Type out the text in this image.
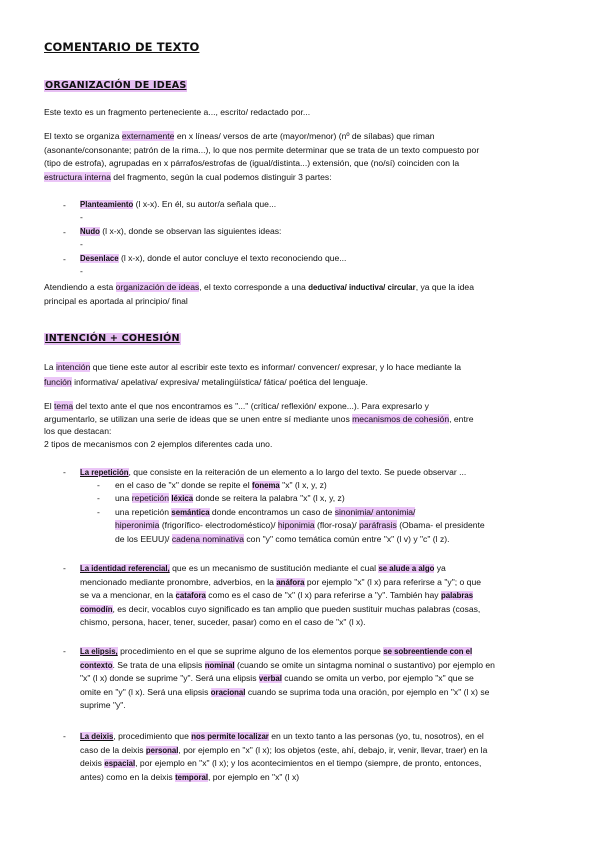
COMENTARIO DE TEXTO
ORGANIZACIÓN DE IDEAS
Este texto es un fragmento perteneciente a..., escrito/ redactado por...
El texto se organiza externamente en x líneas/ versos de arte (mayor/menor) (nº de sílabas) que riman
(asonante/consonante; patrón de la rima...), lo que nos permite determinar que se trata de un texto compuesto por
(tipo de estrofa), agrupadas en x párrafos/estrofas de (igual/distinta...) extensión, que (no/sí) coinciden con la
estructura interna del fragmento, según la cual podemos distinguir 3 partes:
- Planteamiento (l x-x). En él, su autor/a señala que...
-
- Nudo (l x-x), donde se observan las siguientes ideas:
-
- Desenlace (l x-x), donde el autor concluye el texto reconociendo que...
-
Atendiendo a esta organización de ideas, el texto corresponde a una deductiva/ inductiva/ circular, ya que la idea
principal es aportada al principio/ final
INTENCIÓN + COHESIÓN
La intención que tiene este autor al escribir este texto es informar/ convencer/ expresar, y lo hace mediante la
función informativa/ apelativa/ expresiva/ metalingüística/ fática/ poética del lenguaje.
El tema del texto ante el que nos encontramos es "..." (crítica/ reflexión/ expone...). Para expresarlo y
argumentarlo, se utilizan una serie de ideas que se unen entre sí mediante unos mecanismos de cohesión, entre
los que destacan:
2 tipos de mecanismos con 2 ejemplos diferentes cada uno.
- La repetición, que consiste en la reiteración de un elemento a lo largo del texto. Se puede observar ...
- en el caso de "x" donde se repite el fonema "x" (l x, y, z)
- una repetición léxica donde se reitera la palabra "x" (l x, y, z)
- una repetición semántica donde encontramos un caso de sinonimia/ antonimia/
hiperonimia (frigorífico- electrodoméstico)/ hiponimia (flor-rosa)/ paráfrasis (Obama- el presidente
de los EEUU)/ cadena nominativa con "y" como temática común entre "x" (l v) y "c" (l z).
- La identidad referencial, que es un mecanismo de sustitución mediante el cual se alude a algo ya
mencionado mediante pronombre, adverbios, en la anáfora por ejemplo "x" (l x) para referirse a "y"; o que
se va a mencionar, en la catafora como es el caso de "x" (l x) para referirse a "y". También hay palabras
comodín, es decir, vocablos cuyo significado es tan amplio que pueden sustituir muchas palabras (cosas,
chismo, persona, hacer, tener, suceder, pasar) como en el caso de "x" (l x).
- La elipsis, procedimiento en el que se suprime alguno de los elementos porque se sobreentiende con el
contexto. Se trata de una elipsis nominal (cuando se omite un sintagma nominal o sustantivo) por ejemplo en
"x" (l x) donde se suprime "y". Será una elipsis verbal cuando se omita un verbo, por ejemplo "x" que se
omite en "y" (l x). Será una elipsis oracional cuando se suprima toda una oración, por ejemplo en "x" (l x) se
suprime "y".
- La deixis, procedimiento que nos permite localizar en un texto tanto a las personas (yo, tu, nosotros), en el
caso de la deixis personal, por ejemplo en "x" (l x); los objetos (este, ahí, debajo, ir, venir, llevar, traer) en la
deixis espacial, por ejemplo en "x" (l x); y los acontecimientos en el tiempo (siempre, de pronto, entonces,
antes) como en la deixis temporal, por ejemplo en "x" (l x)
